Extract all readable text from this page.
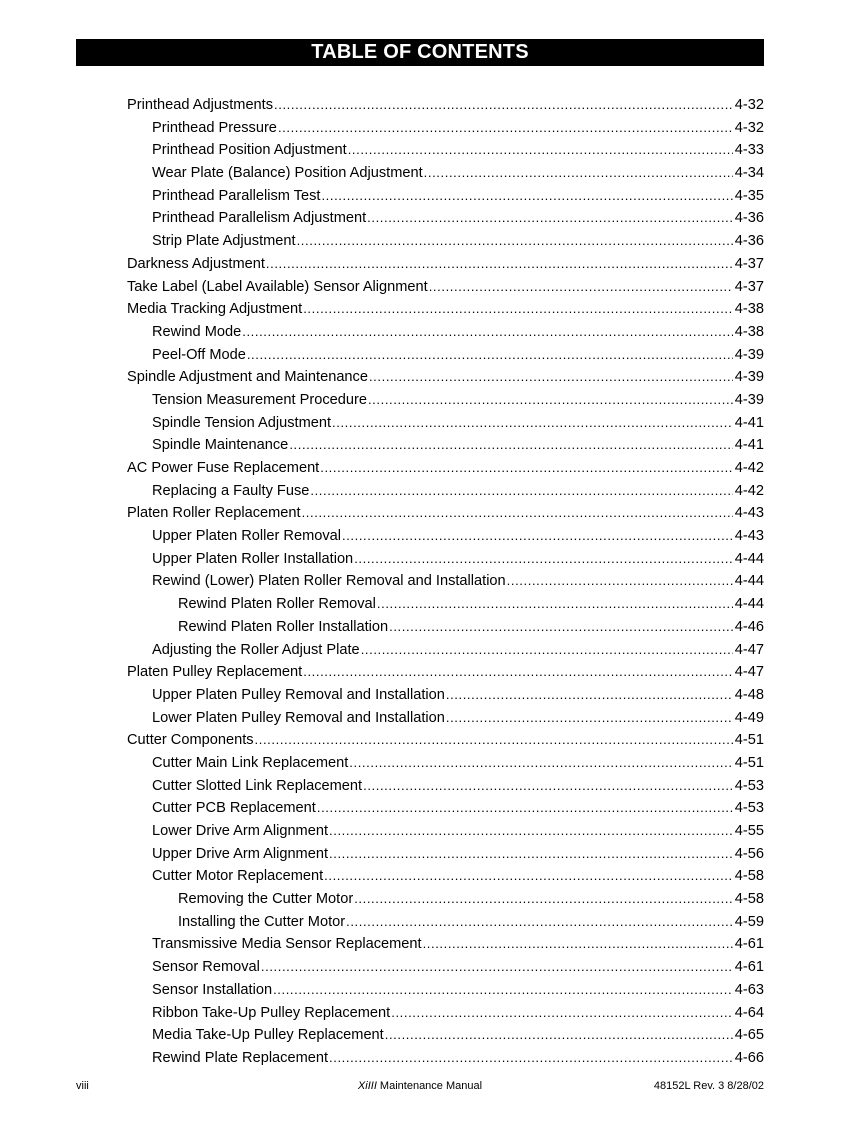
TABLE OF CONTENTS
Printhead Adjustments .....	4-32
Printhead Pressure .....	4-32
Printhead Position Adjustment .....	4-33
Wear Plate (Balance) Position Adjustment .....	4-34
Printhead Parallelism Test .....	4-35
Printhead Parallelism Adjustment .....	4-36
Strip Plate Adjustment .....	4-36
Darkness Adjustment .....	4-37
Take Label (Label Available) Sensor Alignment .....	4-37
Media Tracking Adjustment .....	4-38
Rewind Mode .....	4-38
Peel-Off Mode .....	4-39
Spindle Adjustment and Maintenance .....	4-39
Tension Measurement Procedure .....	4-39
Spindle Tension Adjustment .....	4-41
Spindle Maintenance .....	4-41
AC Power Fuse Replacement .....	4-42
Replacing a Faulty Fuse .....	4-42
Platen Roller Replacement .....	4-43
Upper Platen Roller Removal .....	4-43
Upper Platen Roller Installation .....	4-44
Rewind (Lower) Platen Roller Removal and Installation .....	4-44
Rewind Platen Roller Removal .....	4-44
Rewind Platen Roller Installation .....	4-46
Adjusting the Roller Adjust Plate .....	4-47
Platen Pulley Replacement .....	4-47
Upper Platen Pulley Removal and Installation .....	4-48
Lower Platen Pulley Removal and Installation .....	4-49
Cutter Components .....	4-51
Cutter Main Link Replacement .....	4-51
Cutter Slotted Link Replacement .....	4-53
Cutter PCB Replacement .....	4-53
Lower Drive Arm Alignment .....	4-55
Upper Drive Arm Alignment .....	4-56
Cutter Motor Replacement .....	4-58
Removing the Cutter Motor .....	4-58
Installing the Cutter Motor .....	4-59
Transmissive Media Sensor Replacement .....	4-61
Sensor Removal .....	4-61
Sensor Installation .....	4-63
Ribbon Take-Up Pulley Replacement .....	4-64
Media Take-Up Pulley Replacement .....	4-65
Rewind Plate Replacement .....	4-66
viii	XiIII Maintenance Manual	48152L Rev. 3 8/28/02
